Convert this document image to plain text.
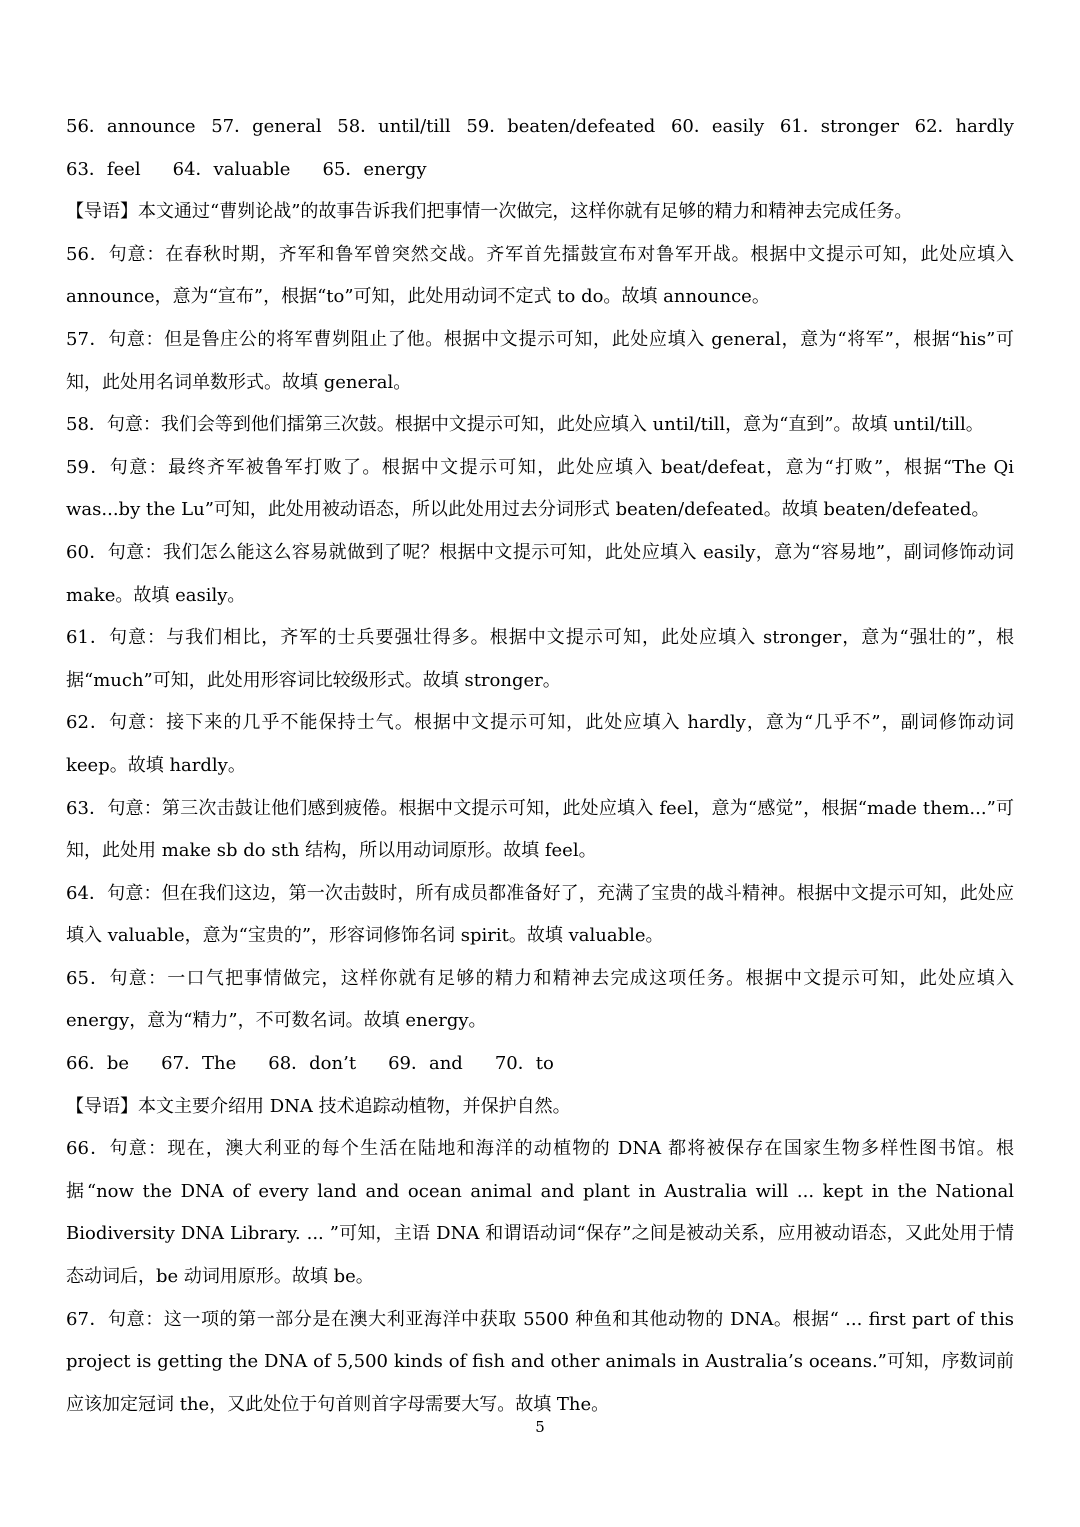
56．announce 57．general 58．until/till 59．beaten/defeated 60．easily 61．stronger 62．hardly
63．feel 64．valuable 65．energy

【导语】本文通过“曹刿论战”的故事告诉我们把事情一次做完，这样你就有足够的精力和精神去完成任务。

56．句意：在春秋时期，齐军和鲁军曾突然交战。齐军首先擂鼓宣布对鲁军开战。根据中文提示可知，此处应填入announce，意为“宣布”，根据“to”可知，此处用动词不定式 to do。故填 announce。

57．句意：但是鲁庄公的将军曹刿阻止了他。根据中文提示可知，此处应填入 general，意为“将军”，根据“his”可知，此处用名词单数形式。故填 general。

58．句意：我们会等到他们擂第三次鼓。根据中文提示可知，此处应填入 until/till，意为“直到”。故填 until/till。

59．句意：最终齐军被鲁军打败了。根据中文提示可知，此处应填入 beat/defeat，意为“打败”，根据“The Qi was...by the Lu”可知，此处用被动语态，所以此处用过去分词形式 beaten/defeated。故填 beaten/defeated。

60．句意：我们怎么能这么容易就做到了呢？根据中文提示可知，此处应填入 easily，意为“容易地”，副词修饰动词 make。故填 easily。

61．句意：与我们相比，齐军的士兵要强壮得多。根据中文提示可知，此处应填入 stronger，意为“强壮的”，根据“much”可知，此处用形容词比较级形式。故填 stronger。

62．句意：接下来的几乎不能保持士气。根据中文提示可知，此处应填入 hardly，意为“几乎不”，副词修饰动词 keep。故填 hardly。

63．句意：第三次击鼓让他们感到疲倦。根据中文提示可知，此处应填入 feel，意为“感觉”，根据“made them...”可知，此处用 make sb do sth 结构，所以用动词原形。故填 feel。

64．句意：但在我们这边，第一次击鼓时，所有成员都准备好了，充满了宝贵的战斗精神。根据中文提示可知，此处应填入 valuable，意为“宝贵的”，形容词修饰名词 spirit。故填 valuable。

65．句意：一口气把事情做完，这样你就有足够的精力和精神去完成这项任务。根据中文提示可知，此处应填入 energy，意为“精力”，不可数名词。故填 energy。

66．be 67．The 68．don’t 69．and 70．to

【导语】本文主要介绍用 DNA 技术追踪动植物，并保护自然。

66．句意：现在，澳大利亚的每个生活在陆地和海洋的动植物的 DNA 都将被保存在国家生物多样性图书馆。根据“now the DNA of every land and ocean animal and plant in Australia will ... kept in the National Biodiversity DNA Library. ... ”可知，主语 DNA 和谓语动词“保存”之间是被动关系，应用被动语态，又此处用于情态动词后，be 动词用原形。故填 be。

67．句意：这一项的第一部分是在澳大利亚海洋中获取 5500 种鱼和其他动物的 DNA。根据“ ... first part of this project is getting the DNA of 5,500 kinds of fish and other animals in Australia’s oceans.”可知，序数词前应该加定冠词 the，又此处位于句首则首字母需要大写。故填 The。

5
